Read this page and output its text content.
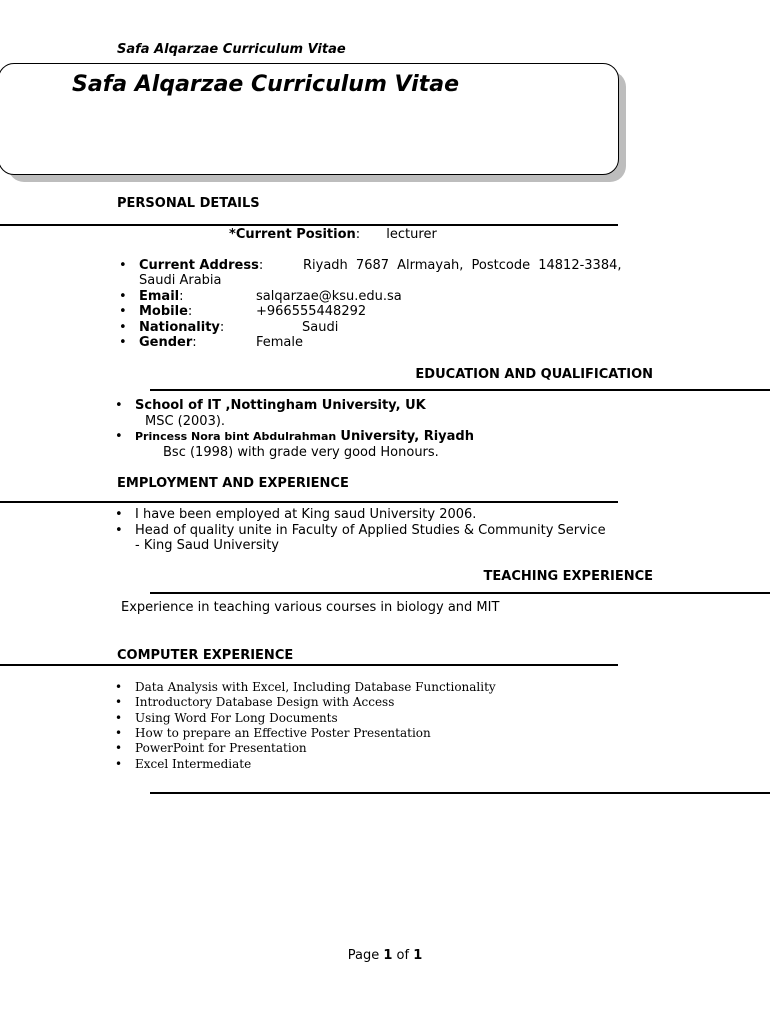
Safa Alqarzae Curriculum Vitae
Safa Alqarzae Curriculum Vitae
PERSONAL DETAILS
*Current Position: lecturer
• Current Address:	Riyadh 7687 Alrmayah, Postcode 14812-3384,
Saudi Arabia
• Email:	salqarzae@ksu.edu.sa
• Mobile:	+966555448292
• Nationality:	Saudi
• Gender:	Female
EDUCATION AND QUALIFICATION
• School of IT ,Nottingham University, UK
MSC (2003).
• Princess Nora bint Abdulrahman University, Riyadh
Bsc (1998) with grade very good Honours.
EMPLOYMENT AND EXPERIENCE
• I have been employed at King saud University 2006.
• Head of quality unite in Faculty of Applied Studies & Community Service
- King Saud University
TEACHING EXPERIENCE
Experience in teaching various courses in biology and MIT
COMPUTER EXPERIENCE
• Data Analysis with Excel, Including Database Functionality
• Introductory Database Design with Access
• Using Word For Long Documents
• How to prepare an Effective Poster Presentation
• PowerPoint for Presentation
• Excel Intermediate
Page 1 of 1
